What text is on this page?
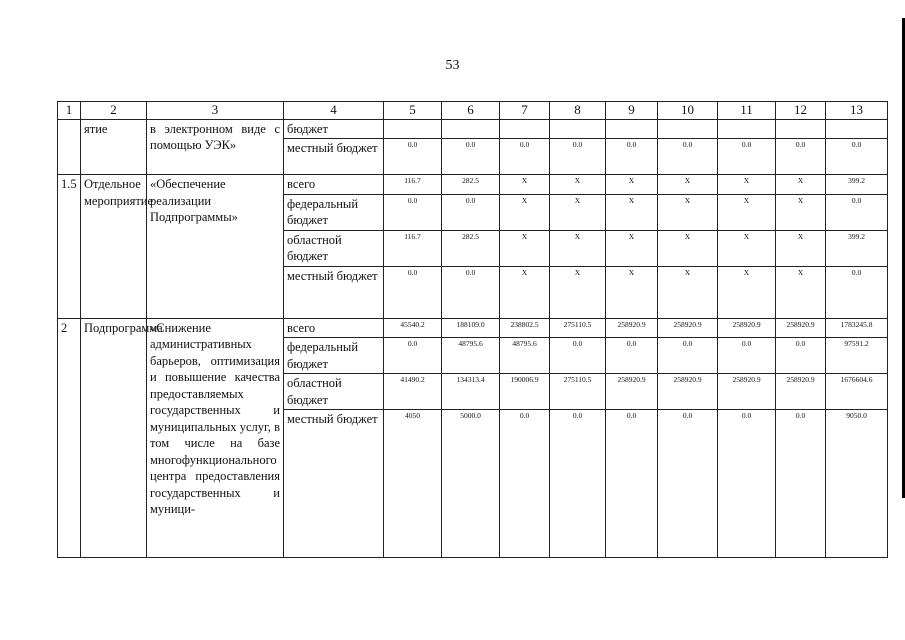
53
1	2	3	4	5	6	7	8	9	10	11	12	13
	ятие	в электронном виде с помощью УЭК»	бюджет									
			местный бюджет	0.0	0.0	0.0	0.0	0.0	0.0	0.0	0.0	0.0
1.5	Отдельное мероприятие	«Обеспечение реализации Подпрограммы»	всего	116.7	282.5	X	X	X	X	X	X	399.2
			федеральный бюджет	0.0	0.0	X	X	X	X	X	X	0.0
			областной бюджет	116.7	282.5	X	X	X	X	X	X	399.2
			местный бюджет	0.0	0.0	X	X	X	X	X	X	0.0
2	Подпрограмма	«Снижение административных барьеров, оптимизация и повышение качества предоставляемых государственных и муниципальных услуг, в том числе на базе многофункционального центра предоставления государственных и муници-	всего	45540.2	188109.0	238802.5	275110.5	258920.9	258920.9	258920.9	258920.9	1783245.8
			федеральный бюджет	0.0	48795.6	48795.6	0.0	0.0	0.0	0.0	0.0	97591.2
			областной бюджет	41490.2	134313.4	190006.9	275110.5	258920.9	258920.9	258920.9	258920.9	1676604.6
			местный бюджет	4050	5000.0	0.0	0.0	0.0	0.0	0.0	0.0	9050.0
